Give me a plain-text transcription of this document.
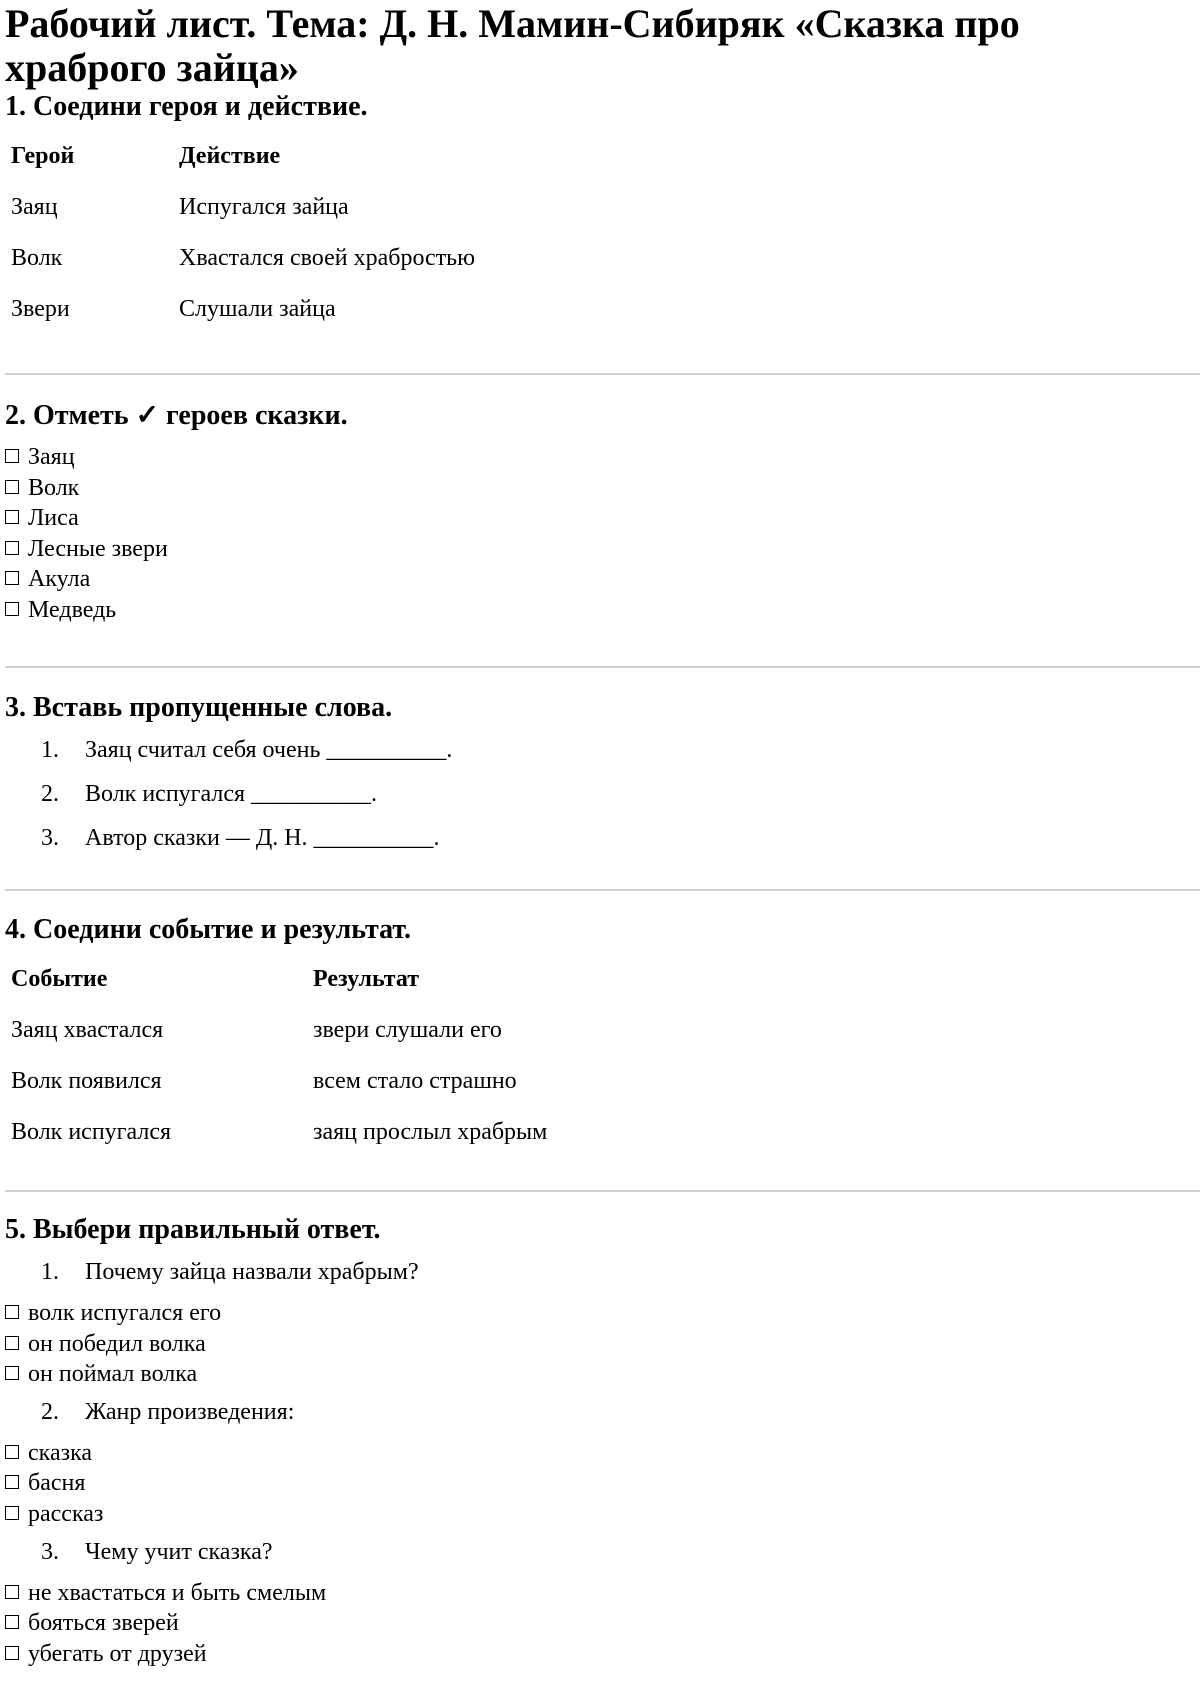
Рабочий лист. Тема: Д. Н. Мамин-Сибиряк «Сказка про храброго зайца»
1. Соедини героя и действие.
Герой	Действие
Заяц	Испугался зайца
Волк	Хвастался своей храбростью
Звери	Слушали зайца
2. Отметь ✓ героев сказки.
Заяц
Волк
Лиса
Лесные звери
Акула
Медведь
3. Вставь пропущенные слова.
1. Заяц считал себя очень __________.
2. Волк испугался __________.
3. Автор сказки — Д. Н. __________.
4. Соедини событие и результат.
Событие	Результат
Заяц хвастался	звери слушали его
Волк появился	всем стало страшно
Волк испугался	заяц прослыл храбрым
5. Выбери правильный ответ.
1. Почему зайца назвали храбрым?
волк испугался его
он победил волка
он поймал волка
2. Жанр произведения:
сказка
басня
рассказ
3. Чему учит сказка?
не хвастаться и быть смелым
бояться зверей
убегать от друзей
